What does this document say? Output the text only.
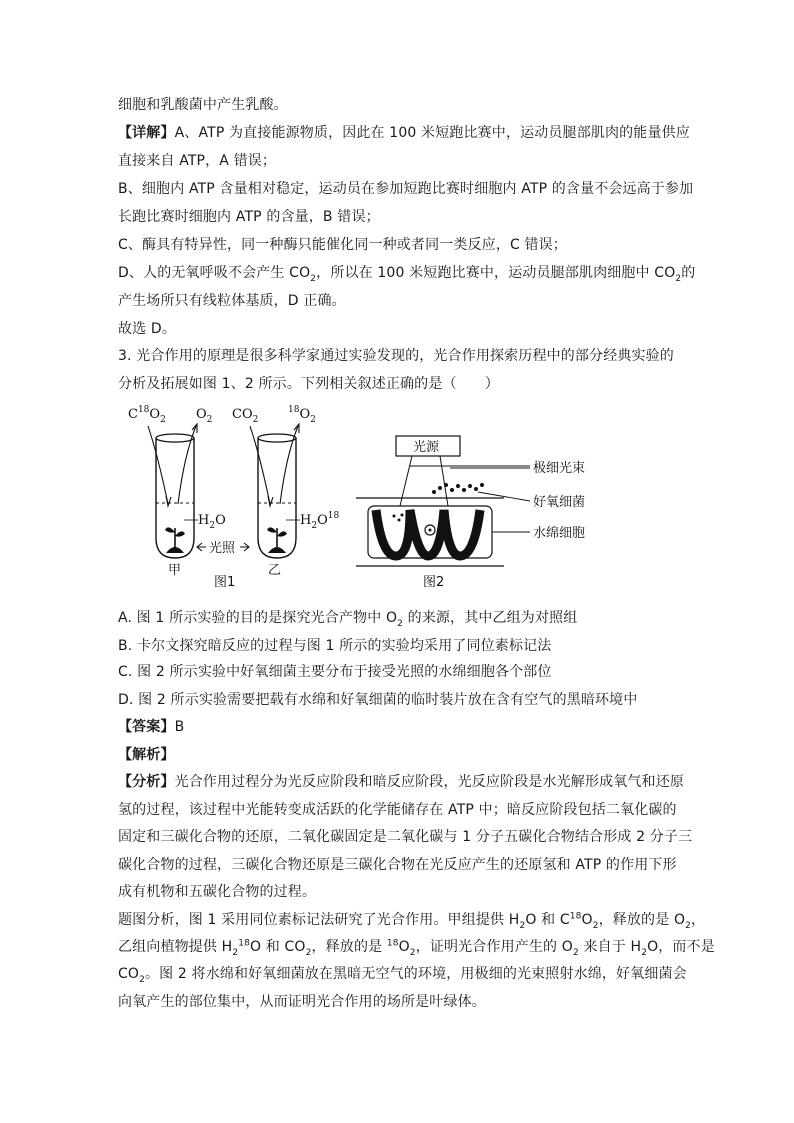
细胞和乳酸菌中产生乳酸。
【详解】A、ATP 为直接能源物质，因此在 100 米短跑比赛中，运动员腿部肌肉的能量供应
直接来自 ATP，A 错误；
B、细胞内 ATP 含量相对稳定，运动员在参加短跑比赛时细胞内 ATP 的含量不会远高于参加
长跑比赛时细胞内 ATP 的含量，B 错误；
C、酶具有特异性，同一种酶只能催化同一种或者同一类反应，C 错误；
D、人的无氧呼吸不会产生 $CO_2$，所以在 100 米短跑比赛中，运动员腿部肌肉细胞中 $CO_2$的
产生场所只有线粒体基质，D 正确。
故选 D。
3. 光合作用的原理是很多科学家通过实验发现的，光合作用探索历程中的部分经典实验的
分析及拓展如图 1、2 所示。下列相关叙述正确的是（　　）
$C^{18}O_2$ $O_2$ $CO_2$
$^{18}O_2$
$H_2O$	$H_2O^{18}$
光照
甲	乙
图1
光源
极细光束
好氧细菌
水绵细胞
图2
A. 图 1 所示实验的目的是探究光合产物中 $O_2$ 的来源，其中乙组为对照组
B. 卡尔文探究暗反应的过程与图 1 所示的实验均采用了同位素标记法
C. 图 2 所示实验中好氧细菌主要分布于接受光照的水绵细胞各个部位
D. 图 2 所示实验需要把载有水绵和好氧细菌的临时装片放在含有空气的黑暗环境中
【答案】B
【解析】
【分析】光合作用过程分为光反应阶段和暗反应阶段，光反应阶段是水光解形成氧气和还原
氢的过程，该过程中光能转变成活跃的化学能储存在 ATP 中；暗反应阶段包括二氧化碳的
固定和三碳化合物的还原，二氧化碳固定是二氧化碳与 1 分子五碳化合物结合形成 2 分子三
碳化合物的过程，三碳化合物还原是三碳化合物在光反应产生的还原氢和 ATP 的作用下形
成有机物和五碳化合物的过程。
题图分析，图 1 采用同位素标记法研究了光合作用。甲组提供 $H_2O$ 和 $C^{18}O_2$，释放的是 $O_2$，
乙组向植物提供 $H_2^{18}O$ 和 $CO_2$，释放的是 $^{18}O_2$，证明光合作用产生的 $O_2$ 来自于 $H_2O$，而不是
$CO_2$。图 2 将水绵和好氧细菌放在黑暗无空气的环境，用极细的光束照射水绵，好氧细菌会
向氧产生的部位集中，从而证明光合作用的场所是叶绿体。
